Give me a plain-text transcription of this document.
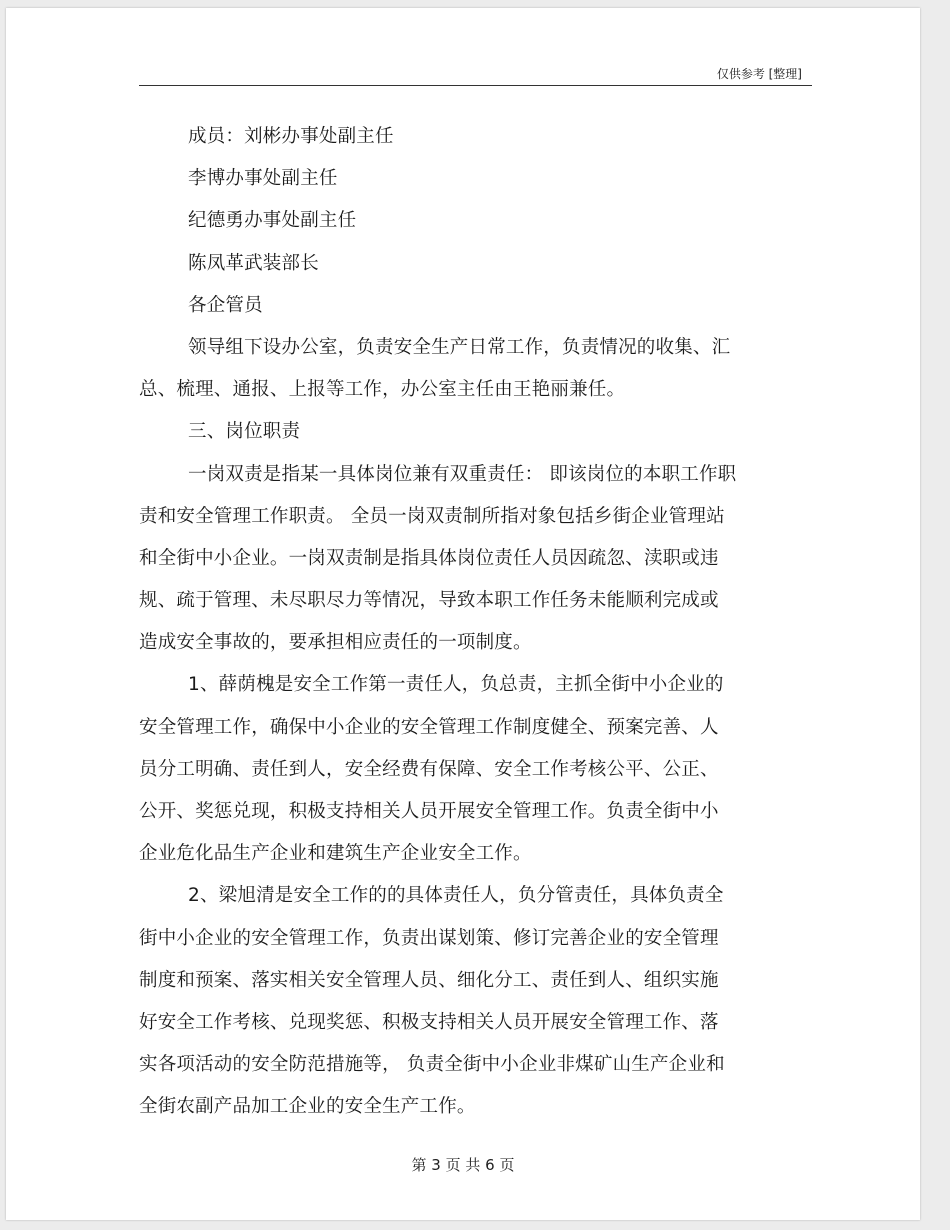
仅供参考 [整理]
成员：刘彬办事处副主任
李博办事处副主任
纪德勇办事处副主任
陈凤革武装部长
各企管员
领导组下设办公室，负责安全生产日常工作，负责情况的收集、汇
总、梳理、通报、上报等工作，办公室主任由王艳丽兼任。
三、岗位职责
一岗双责是指某一具体岗位兼有双重责任： 即该岗位的本职工作职
责和安全管理工作职责。 全员一岗双责制所指对象包括乡街企业管理站
和全街中小企业。一岗双责制是指具体岗位责任人员因疏忽、渎职或违
规、疏于管理、未尽职尽力等情况，导致本职工作任务未能顺利完成或
造成安全事故的，要承担相应责任的一项制度。
1、薛荫槐是安全工作第一责任人，负总责，主抓全街中小企业的
安全管理工作，确保中小企业的安全管理工作制度健全、预案完善、人
员分工明确、责任到人，安全经费有保障、安全工作考核公平、公正、
公开、奖惩兑现，积极支持相关人员开展安全管理工作。负责全街中小
企业危化品生产企业和建筑生产企业安全工作。
2、梁旭清是安全工作的的具体责任人，负分管责任，具体负责全
街中小企业的安全管理工作，负责出谋划策、修订完善企业的安全管理
制度和预案、落实相关安全管理人员、细化分工、责任到人、组织实施
好安全工作考核、兑现奖惩、积极支持相关人员开展安全管理工作、落
实各项活动的安全防范措施等， 负责全街中小企业非煤矿山生产企业和
全街农副产品加工企业的安全生产工作。
第 3 页 共 6 页
